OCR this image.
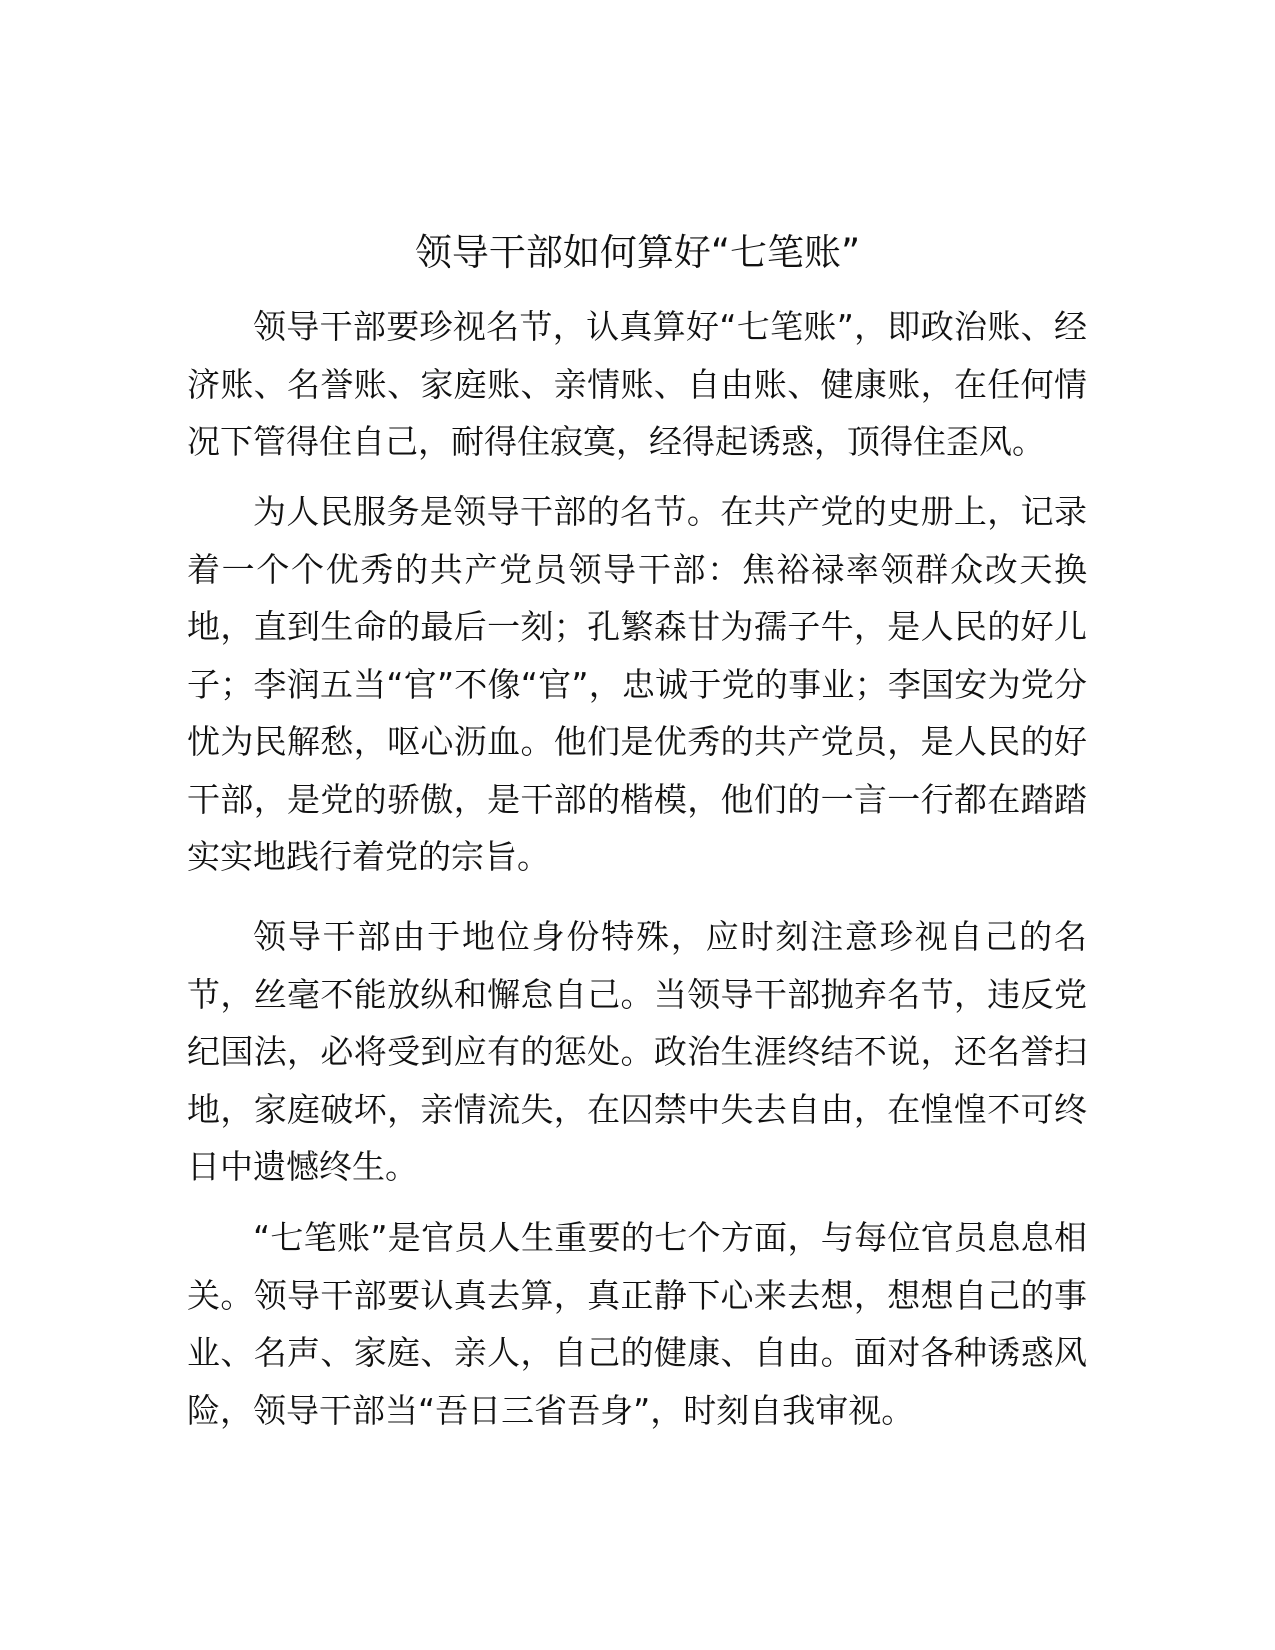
领导干部如何算好“七笔账”

领导干部要珍视名节，认真算好“七笔账”，即政治账、经济账、名誉账、家庭账、亲情账、自由账、健康账，在任何情况下管得住自己，耐得住寂寞，经得起诱惑，顶得住歪风。

为人民服务是领导干部的名节。在共产党的史册上，记录着一个个优秀的共产党员领导干部：焦裕禄率领群众改天换地，直到生命的最后一刻；孔繁森甘为孺子牛，是人民的好儿子；李润五当“官”不像“官”，忠诚于党的事业；李国安为党分忧为民解愁，呕心沥血。他们是优秀的共产党员，是人民的好干部，是党的骄傲，是干部的楷模，他们的一言一行都在踏踏实实地践行着党的宗旨。

领导干部由于地位身份特殊，应时刻注意珍视自己的名节，丝毫不能放纵和懈怠自己。当领导干部抛弃名节，违反党纪国法，必将受到应有的惩处。政治生涯终结不说，还名誉扫地，家庭破坏，亲情流失，在囚禁中失去自由，在惶惶不可终日中遗憾终生。

“七笔账”是官员人生重要的七个方面，与每位官员息息相关。领导干部要认真去算，真正静下心来去想，想想自己的事业、名声、家庭、亲人，自己的健康、自由。面对各种诱惑风险，领导干部当“吾日三省吾身”，时刻自我审视。
